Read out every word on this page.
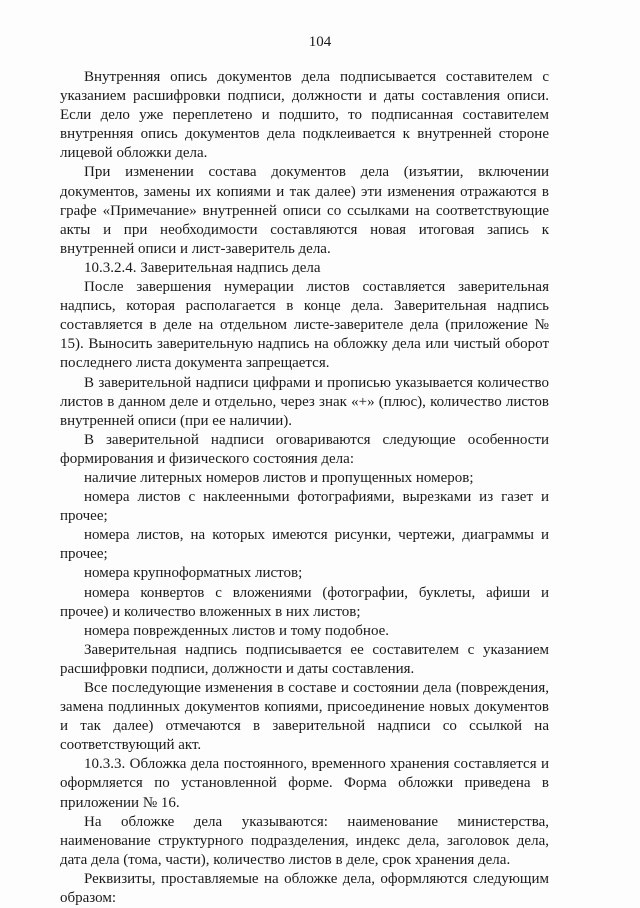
104

Внутренняя опись документов дела подписывается составителем с указанием расшифровки подписи, должности и даты составления описи. Если дело уже переплетено и подшито, то подписанная составителем внутренняя опись документов дела подклеивается к внутренней стороне лицевой обложки дела.

При изменении состава документов дела (изъятии, включении документов, замены их копиями и так далее) эти изменения отражаются в графе «Примечание» внутренней описи со ссылками на соответствующие акты и при необходимости составляются новая итоговая запись к внутренней описи и лист-заверитель дела.

10.3.2.4. Заверительная надпись дела

После завершения нумерации листов составляется заверительная надпись, которая располагается в конце дела. Заверительная надпись составляется в деле на отдельном листе-заверителе дела (приложение № 15). Выносить заверительную надпись на обложку дела или чистый оборот последнего листа документа запрещается.

В заверительной надписи цифрами и прописью указывается количество листов в данном деле и отдельно, через знак «+» (плюс), количество листов внутренней описи (при ее наличии).

В заверительной надписи оговариваются следующие особенности формирования и физического состояния дела:

наличие литерных номеров листов и пропущенных номеров;

номера листов с наклеенными фотографиями, вырезками из газет и прочее;

номера листов, на которых имеются рисунки, чертежи, диаграммы и прочее;

номера крупноформатных листов;

номера конвертов с вложениями (фотографии, буклеты, афиши и прочее) и количество вложенных в них листов;

номера поврежденных листов и тому подобное.

Заверительная надпись подписывается ее составителем с указанием расшифровки подписи, должности и даты составления.

Все последующие изменения в составе и состоянии дела (повреждения, замена подлинных документов копиями, присоединение новых документов и так далее) отмечаются в заверительной надписи со ссылкой на соответствующий акт.

10.3.3. Обложка дела постоянного, временного хранения составляется и оформляется по установленной форме. Форма обложки приведена в приложении № 16.

На обложке дела указываются: наименование министерства, наименование структурного подразделения, индекс дела, заголовок дела, дата дела (тома, части), количество листов в деле, срок хранения дела.

Реквизиты, проставляемые на обложке дела, оформляются следующим образом:
